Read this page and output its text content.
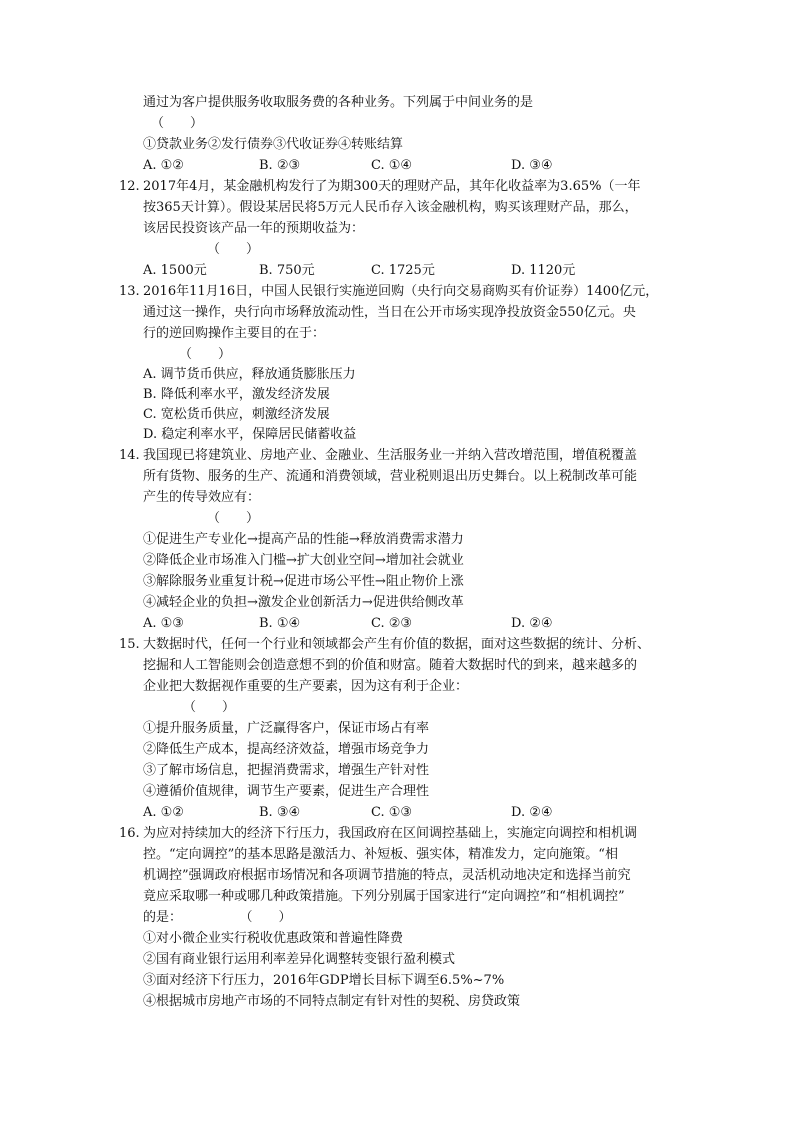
通过为客户提供服务收取服务费的各种业务。下列属于中间业务的是
（　　）
①贷款业务②发行债券③代收证券④转账结算
A. ①②	B. ②③	C. ①④	D. ③④
12. 2017年4月，某金融机构发行了为期300天的理财产品，其年化收益率为3.65%（一年
按365天计算）。假设某居民将5万元人民币存入该金融机构，购买该理财产品，那么，
该居民投资该产品一年的预期收益为：
（　　）
A. 1500元	B. 750元	C. 1725元	D. 1120元
13. 2016年11月16日，中国人民银行实施逆回购（央行向交易商购买有价证券）1400亿元，
通过这一操作，央行向市场释放流动性，当日在公开市场实现净投放资金550亿元。央
行的逆回购操作主要目的在于：
（　　）
A. 调节货币供应，释放通货膨胀压力
B. 降低利率水平，激发经济发展
C. 宽松货币供应，刺激经济发展
D. 稳定利率水平，保障居民储蓄收益
14. 我国现已将建筑业、房地产业、金融业、生活服务业一并纳入营改增范围，增值税覆盖
所有货物、服务的生产、流通和消费领域，营业税则退出历史舞台。以上税制改革可能
产生的传导效应有：
（　　）
①促进生产专业化→提高产品的性能→释放消费需求潜力
②降低企业市场准入门槛→扩大创业空间→增加社会就业
③解除服务业重复计税→促进市场公平性→阻止物价上涨
④减轻企业的负担→激发企业创新活力→促进供给侧改革
A. ①③	B. ①④	C. ②③	D. ②④
15. 大数据时代，任何一个行业和领域都会产生有价值的数据，面对这些数据的统计、分析、
挖掘和人工智能则会创造意想不到的价值和财富。随着大数据时代的到来，越来越多的
企业把大数据视作重要的生产要素，因为这有利于企业：
（　　）
①提升服务质量，广泛赢得客户，保证市场占有率
②降低生产成本，提高经济效益，增强市场竞争力
③了解市场信息，把握消费需求，增强生产针对性
④遵循价值规律，调节生产要素，促进生产合理性
A. ①②	B. ③④	C. ①③	D. ②④
16. 为应对持续加大的经济下行压力，我国政府在区间调控基础上，实施定向调控和相机调
控。“定向调控”的基本思路是激活力、补短板、强实体，精准发力，定向施策。“相
机调控”强调政府根据市场情况和各项调节措施的特点，灵活机动地决定和选择当前究
竟应采取哪一种或哪几种政策措施。下列分别属于国家进行“定向调控”和“相机调控”
的是：	（　　）
①对小微企业实行税收优惠政策和普遍性降费
②国有商业银行运用利率差异化调整转变银行盈利模式
③面对经济下行压力，2016年GDP增长目标下调至6.5%~7%
④根据城市房地产市场的不同特点制定有针对性的契税、房贷政策
